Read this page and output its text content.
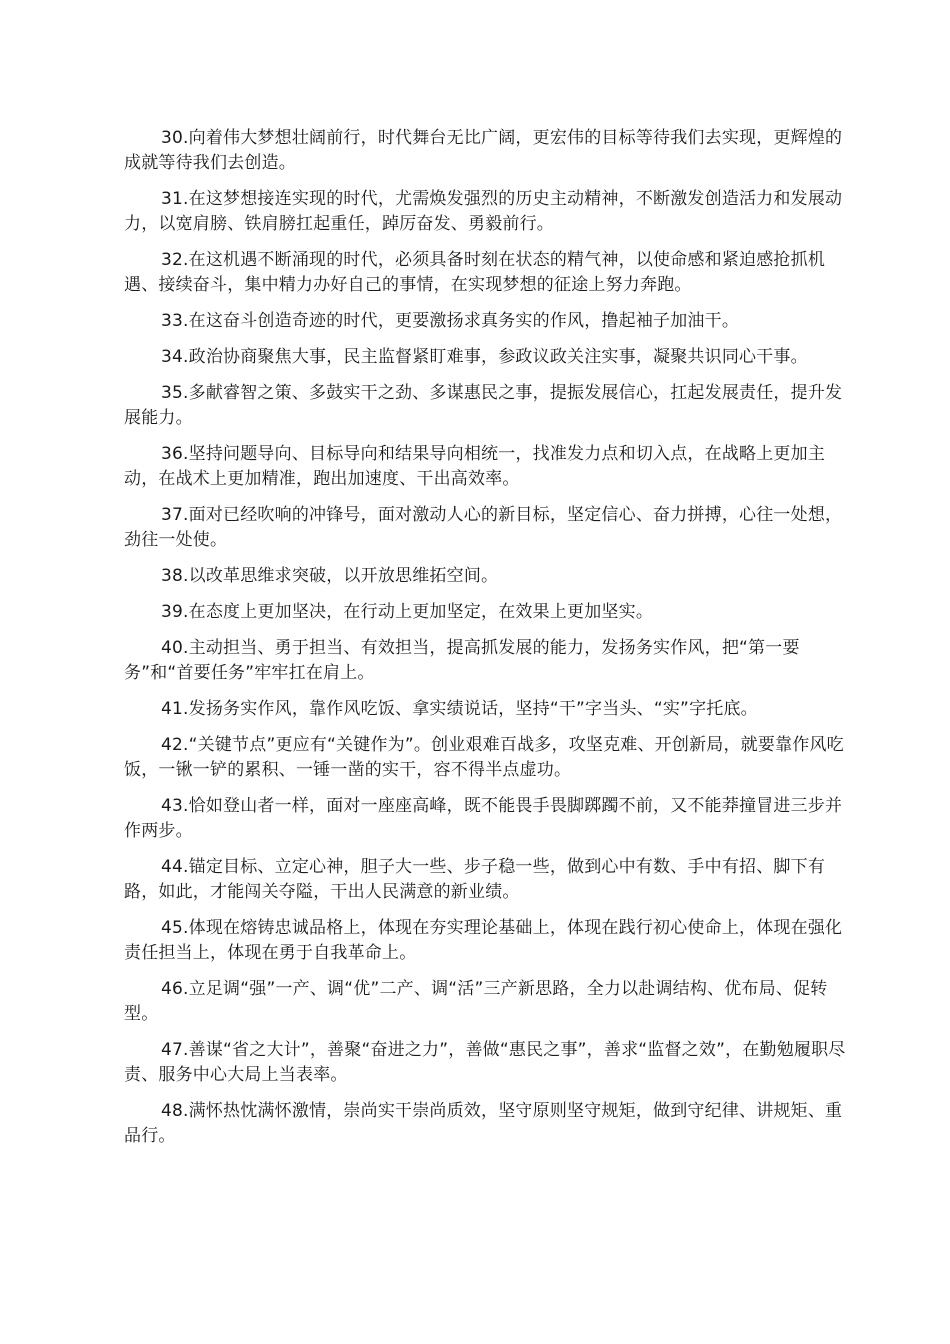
30.向着伟大梦想壮阔前行，时代舞台无比广阔，更宏伟的目标等待我们去实现，更辉煌的成就等待我们去创造。

31.在这梦想接连实现的时代，尤需焕发强烈的历史主动精神，不断激发创造活力和发展动力，以宽肩膀、铁肩膀扛起重任，踔厉奋发、勇毅前行。

32.在这机遇不断涌现的时代，必须具备时刻在状态的精气神，以使命感和紧迫感抢抓机遇、接续奋斗，集中精力办好自己的事情，在实现梦想的征途上努力奔跑。

33.在这奋斗创造奇迹的时代，更要激扬求真务实的作风，撸起袖子加油干。

34.政治协商聚焦大事，民主监督紧盯难事，参政议政关注实事，凝聚共识同心干事。

35.多献睿智之策、多鼓实干之劲、多谋惠民之事，提振发展信心，扛起发展责任，提升发展能力。

36.坚持问题导向、目标导向和结果导向相统一，找准发力点和切入点，在战略上更加主动，在战术上更加精准，跑出加速度、干出高效率。

37.面对已经吹响的冲锋号，面对激动人心的新目标，坚定信心、奋力拼搏，心往一处想，劲往一处使。

38.以改革思维求突破，以开放思维拓空间。

39.在态度上更加坚决，在行动上更加坚定，在效果上更加坚实。

40.主动担当、勇于担当、有效担当，提高抓发展的能力，发扬务实作风，把“第一要务”和“首要任务”牢牢扛在肩上。

41.发扬务实作风，靠作风吃饭、拿实绩说话，坚持“干”字当头、“实”字托底。

42.“关键节点”更应有“关键作为”。创业艰难百战多，攻坚克难、开创新局，就要靠作风吃饭，一锹一铲的累积、一锤一凿的实干，容不得半点虚功。

43.恰如登山者一样，面对一座座高峰，既不能畏手畏脚踯躅不前，又不能莽撞冒进三步并作两步。

44.锚定目标、立定心神，胆子大一些、步子稳一些，做到心中有数、手中有招、脚下有路，如此，才能闯关夺隘，干出人民满意的新业绩。

45.体现在熔铸忠诚品格上，体现在夯实理论基础上，体现在践行初心使命上，体现在强化责任担当上，体现在勇于自我革命上。

46.立足调“强”一产、调“优”二产、调“活”三产新思路，全力以赴调结构、优布局、促转型。

47.善谋“省之大计”，善聚“奋进之力”，善做“惠民之事”，善求“监督之效”，在勤勉履职尽责、服务中心大局上当表率。

48.满怀热忱满怀激情，崇尚实干崇尚质效，坚守原则坚守规矩，做到守纪律、讲规矩、重品行。
